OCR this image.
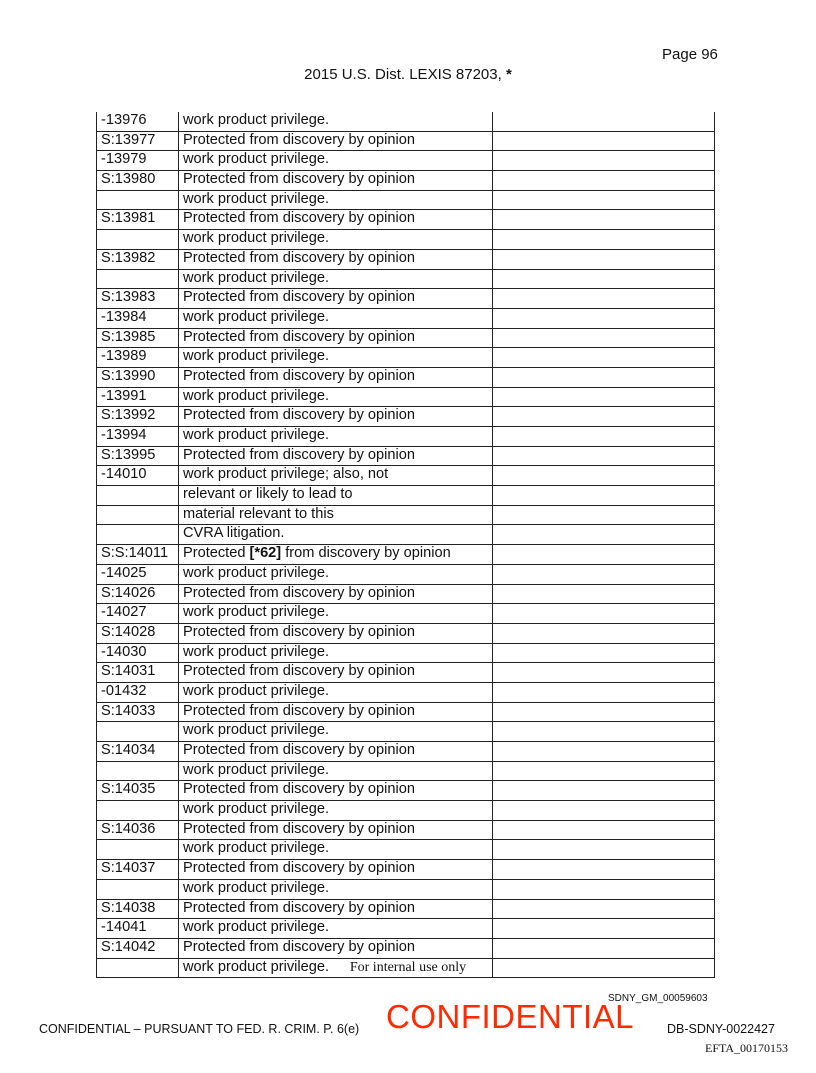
Page 96
2015 U.S. Dist. LEXIS 87203, *
-13976	work product privilege.	
S:13977	Protected from discovery by opinion	
-13979	work product privilege.	
S:13980	Protected from discovery by opinion	
	work product privilege.	
S:13981	Protected from discovery by opinion	
	work product privilege.	
S:13982	Protected from discovery by opinion	
	work product privilege.	
S:13983	Protected from discovery by opinion	
-13984	work product privilege.	
S:13985	Protected from discovery by opinion	
-13989	work product privilege.	
S:13990	Protected from discovery by opinion	
-13991	work product privilege.	
S:13992	Protected from discovery by opinion	
-13994	work product privilege.	
S:13995	Protected from discovery by opinion	
-14010	work product privilege; also, not	
	relevant or likely to lead to	
	material relevant to this	
	CVRA litigation.	
S:S:14011	Protected [*62] from discovery by opinion	
-14025	work product privilege.	
S:14026	Protected from discovery by opinion	
-14027	work product privilege.	
S:14028	Protected from discovery by opinion	
-14030	work product privilege.	
S:14031	Protected from discovery by opinion	
-01432	work product privilege.	
S:14033	Protected from discovery by opinion	
	work product privilege.	
S:14034	Protected from discovery by opinion	
	work product privilege.	
S:14035	Protected from discovery by opinion	
	work product privilege.	
S:14036	Protected from discovery by opinion	
	work product privilege.	
S:14037	Protected from discovery by opinion	
	work product privilege.	
S:14038	Protected from discovery by opinion	
-14041	work product privilege.	
S:14042	Protected from discovery by opinion	
	work product privilege.		For internal use only
SDNY_GM_00059603
CONFIDENTIAL
CONFIDENTIAL – PURSUANT TO FED. R. CRIM. P. 6(e)	DB-SDNY-0022427
EFTA_00170153
